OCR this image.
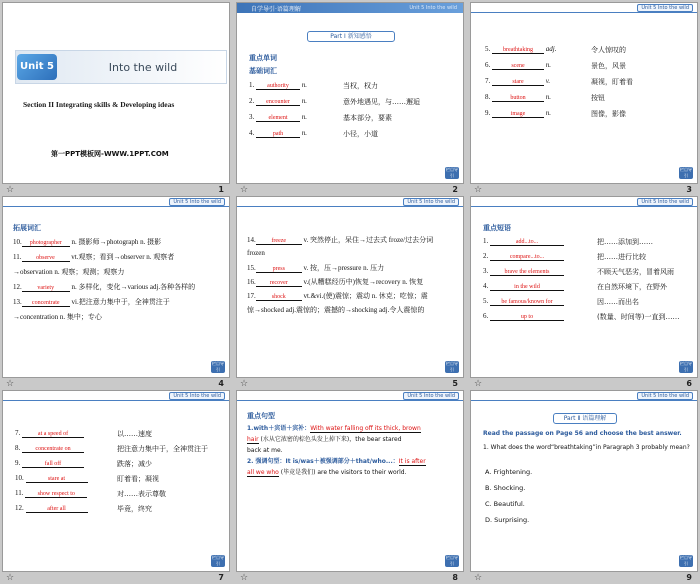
Unit 5	Into the wild
Section II Integrating skills & Developing ideas
第一PPT模板网-WWW.1PPT.COM
☆	1
自学导引·语篇理解	Unit 5 Into the wild
Part Ⅰ 新知感悟
重点单词
基础词汇
1. authority n.	当权，权力
2. encounter n.	意外地遇见，与……邂逅
3. element n.	基本部分，要素
4.	path	n.	小径，小道
栏目导引
☆	2
Unit 5 Into the wild
5. breathtaking adj.	令人惊叹的
6.	scene	n.	景色，风景
7.	stare	v.	凝视，盯着看
8.	button	n.	按钮
9.	image	n.	图像，影像
栏目导引
☆	3
Unit 5 Into the wild
拓展词汇
10. photographer n. 摄影师→photograph n. 摄影
11. observe vt.观察；看到→observer n. 观察者
→observation n. 观察；观测；观察力
12.	variety n. 多样化，变化→various adj.各种各样的
13. concentrate vi.把注意力集中于，全神贯注于
→concentration n. 集中；专心
栏目导引
☆	4
Unit 5 Into the wild
14.	freeze v. 突然停止，呆住→过去式 froze/过去分词
frozen
15.	press v. 按，压→pressure n. 压力
16. recover v.(从糟糕经历中)恢复→recovery n. 恢复
17.	shock vt.&vi.(使)震惊；震动 n. 休克；吃惊；震
惊→shocked adj.震惊的；震撼的→shocking adj.令人震惊的
栏目导引
☆	5
Unit 5 Into the wild
重点短语
1.	add...to...	把……添加到……
2.	compare...to...	把……进行比较
3.	brave the elements	不顾天气恶劣，冒着风雨
4.	in the wild	在自然环境下，在野外
5. be famous/known for	因……而出名
6.	up to	(数量、时间等)一直到……
栏目导引
☆	6
Unit 5 Into the wild
7.	at a speed of	以……速度
8.	concentrate on	把注意力集中于，全神贯注于
9.	fall off	跌落；减少
10.	stare at	盯着看；凝视
11. show respect to	对……表示尊敬
12.	after all	毕竟，终究
栏目导引
☆	7
Unit 5 Into the wild
重点句型
1.with＋宾语＋宾补：With water falling off its thick, brown
hair (水从它浓密的棕色头发上掉下来)，the bear stared
back at me.
2. 强调句型：It is/was＋被强调部分＋that/who...：It is after
all we who (毕竟是我们) are the visitors to their world.
栏目导引
☆	8
Unit 5 Into the wild
Part Ⅱ 语篇理解
Read the passage on Page 56 and choose the best answer.
1. What does the word“breathtaking”in Paragraph 3 probably mean?
A. Frightening.
B. Shocking.
C. Beautiful.
D. Surprising.
栏目导引
☆	9
